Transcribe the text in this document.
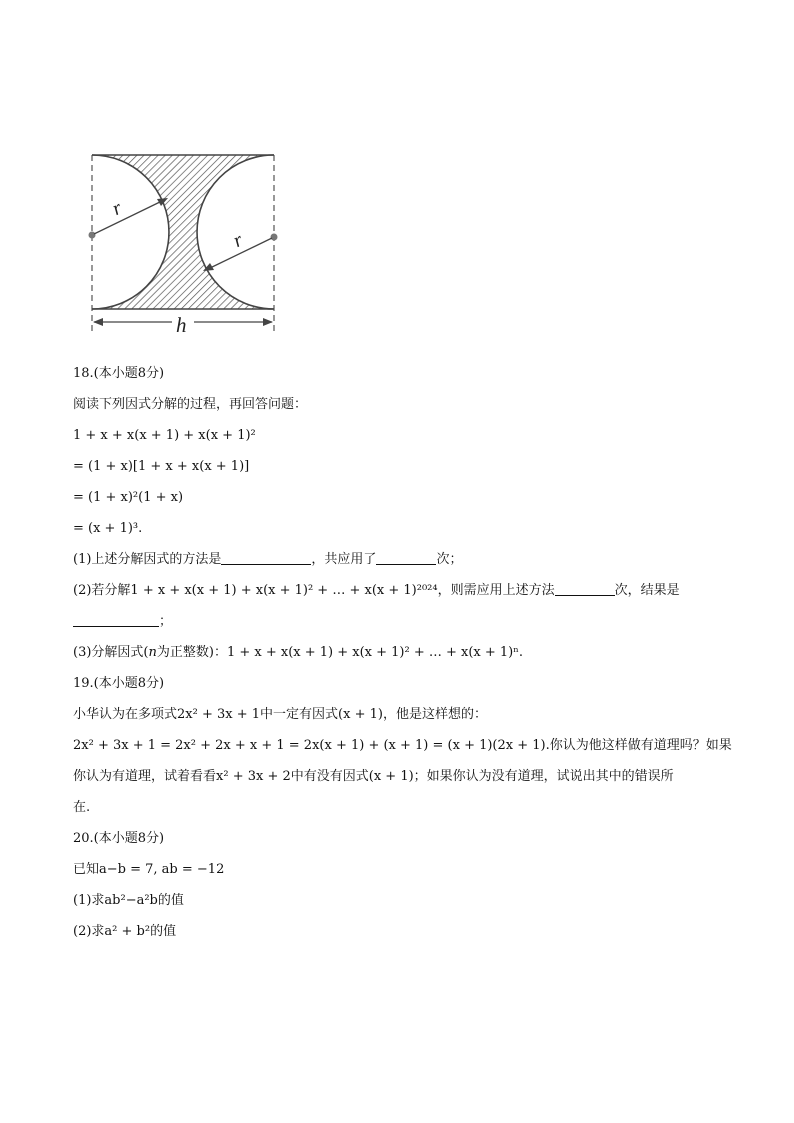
r
r
h
18.(本小题8分)
阅读下列因式分解的过程，再回答问题：
1 + x + x(x + 1) + x(x + 1)²
= (1 + x)[1 + x + x(x + 1)]
= (1 + x)²(1 + x)
= (x + 1)³.
(1)上述分解因式的方法是	，共应用了	次；
(2)若分解1 + x + x(x + 1) + x(x + 1)² + … + x(x + 1)²⁰²⁴，则需应用上述方法	次，结果是
；
(3)分解因式(n为正整数)：1 + x + x(x + 1) + x(x + 1)² + … + x(x + 1)ⁿ.
19.(本小题8分)
小华认为在多项式2x² + 3x + 1中一定有因式(x + 1)，他是这样想的：
2x² + 3x + 1 = 2x² + 2x + x + 1 = 2x(x + 1) + (x + 1) = (x + 1)(2x + 1).你认为他这样做有道理吗？如果
你认为有道理，试着看看x² + 3x + 2中有没有因式(x + 1)；如果你认为没有道理，试说出其中的错误所
在.
20.(本小题8分)
已知a−b = 7, ab = −12
(1)求ab²−a²b的值
(2)求a² + b²的值
